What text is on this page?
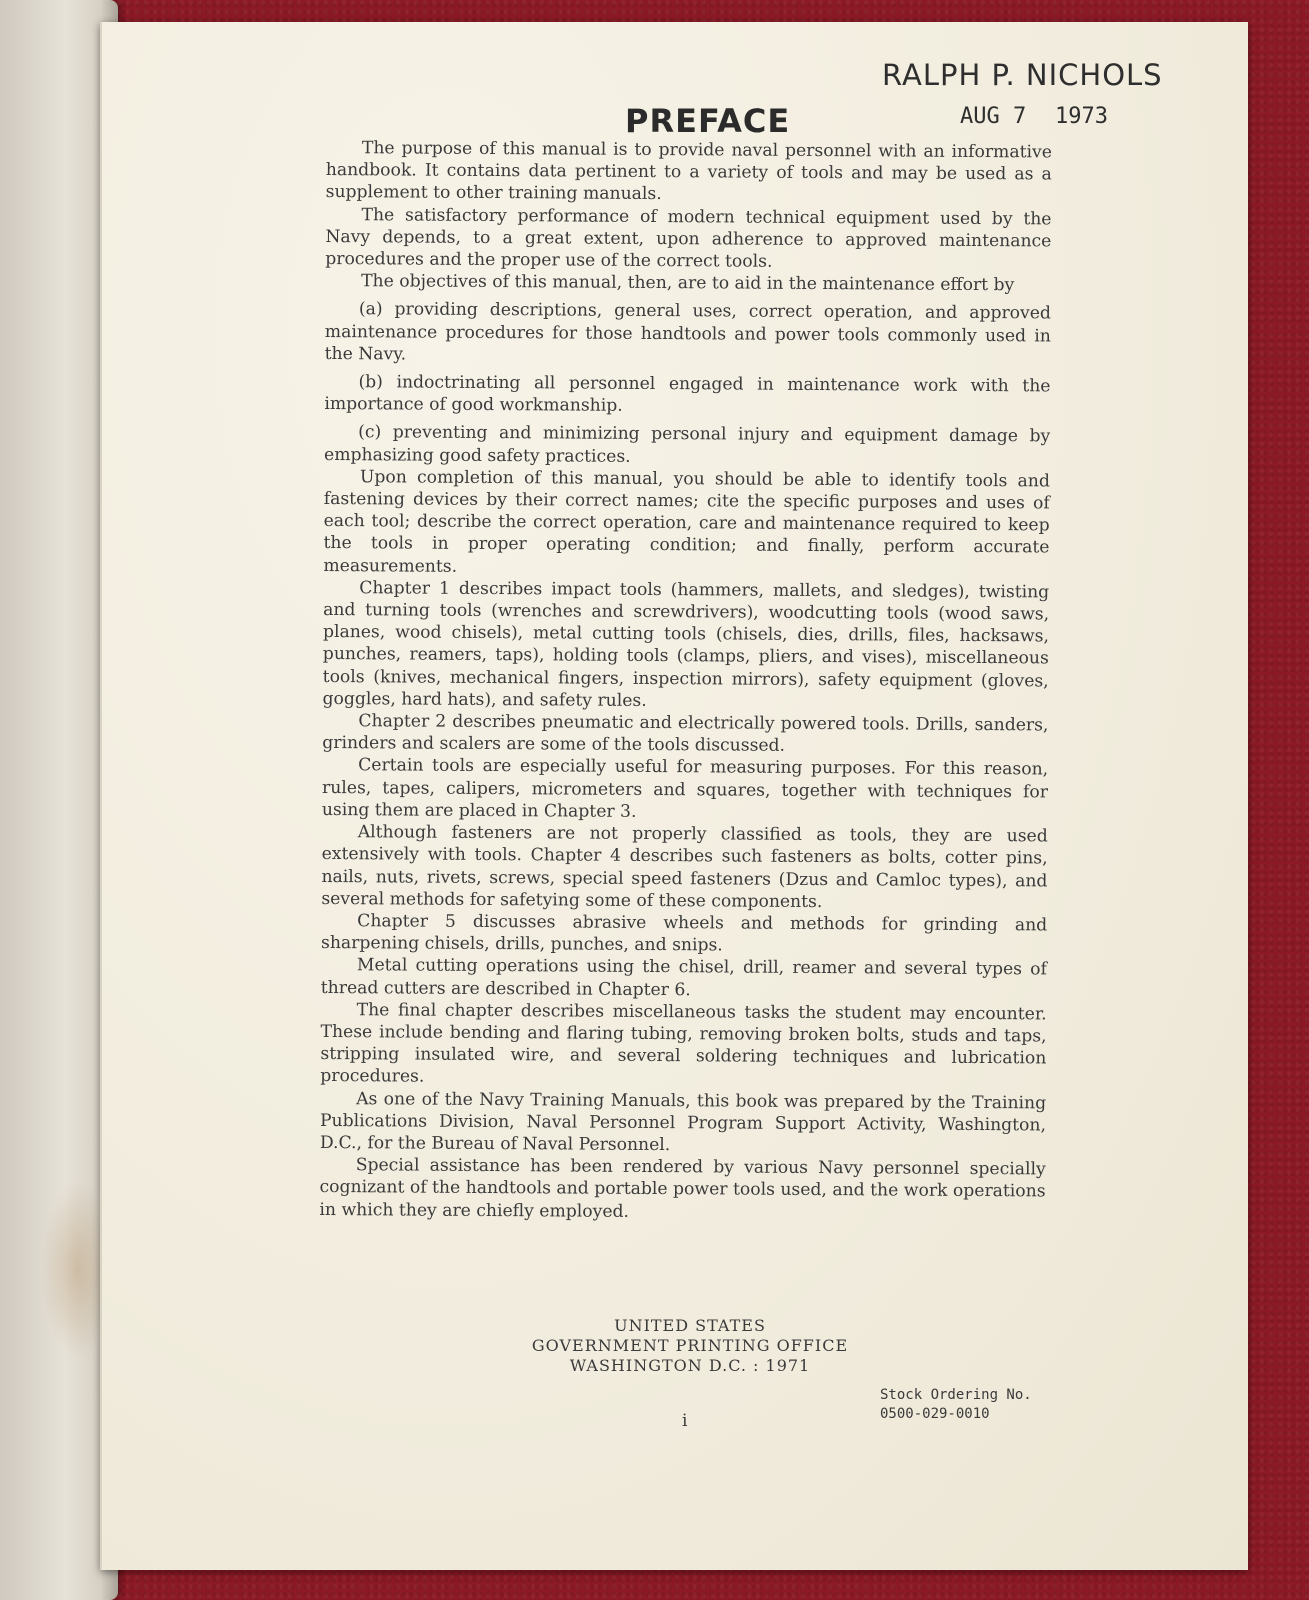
RALPH P. NICHOLS
AUG 7 1973
PREFACE

The purpose of this manual is to provide naval personnel with an informative handbook. It contains data pertinent to a variety of tools and may be used as a supplement to other training manuals.

The satisfactory performance of modern technical equipment used by the Navy depends, to a great extent, upon adherence to approved maintenance procedures and the proper use of the correct tools.

The objectives of this manual, then, are to aid in the maintenance effort by

(a) providing descriptions, general uses, correct operation, and approved maintenance procedures for those handtools and power tools commonly used in the Navy.

(b) indoctrinating all personnel engaged in maintenance work with the importance of good workmanship.

(c) preventing and minimizing personal injury and equipment damage by emphasizing good safety practices.

Upon completion of this manual, you should be able to identify tools and fastening devices by their correct names; cite the specific purposes and uses of each tool; describe the correct operation, care and maintenance required to keep the tools in proper operating condition; and finally, perform accurate measurements.

Chapter 1 describes impact tools (hammers, mallets, and sledges), twisting and turning tools (wrenches and screwdrivers), woodcutting tools (wood saws, planes, wood chisels), metal cutting tools (chisels, dies, drills, files, hacksaws, punches, reamers, taps), holding tools (clamps, pliers, and vises), miscellaneous tools (knives, mechanical fingers, inspection mirrors), safety equipment (gloves, goggles, hard hats), and safety rules.

Chapter 2 describes pneumatic and electrically powered tools. Drills, sanders, grinders and scalers are some of the tools discussed.

Certain tools are especially useful for measuring purposes. For this reason, rules, tapes, calipers, micrometers and squares, together with techniques for using them are placed in Chapter 3.

Although fasteners are not properly classified as tools, they are used extensively with tools. Chapter 4 describes such fasteners as bolts, cotter pins, nails, nuts, rivets, screws, special speed fasteners (Dzus and Camloc types), and several methods for safetying some of these components.

Chapter 5 discusses abrasive wheels and methods for grinding and sharpening chisels, drills, punches, and snips.

Metal cutting operations using the chisel, drill, reamer and several types of thread cutters are described in Chapter 6.

The final chapter describes miscellaneous tasks the student may encounter. These include bending and flaring tubing, removing broken bolts, studs and taps, stripping insulated wire, and several soldering techniques and lubrication procedures.

As one of the Navy Training Manuals, this book was prepared by the Training Publications Division, Naval Personnel Program Support Activity, Washington, D.C., for the Bureau of Naval Personnel.

Special assistance has been rendered by various Navy personnel specially cognizant of the handtools and portable power tools used, and the work operations in which they are chiefly employed.

UNITED STATES
GOVERNMENT PRINTING OFFICE
WASHINGTON D.C. : 1971
Stock Ordering No.
0500-029-0010
i
